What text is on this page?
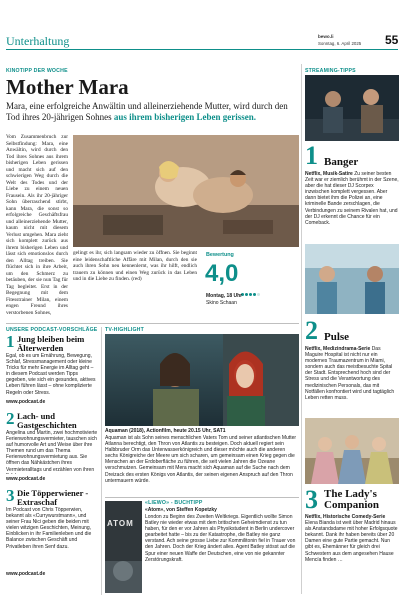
Unterhaltung	bewo.li
Sonntag, 6. April 2025 55
KINOTIPP DER WOCHE
Mother Mara
Mara, eine erfolgreiche Anwältin und alleinerziehende Mutter, wird durch den Tod ihres 20-jährigen Sohnes aus ihrem bisherigen Leben gerissen.
Vom Zusammenbruch zur Selbstfindung: Mara, eine Anwältin, wird durch den Tod ihres Sohnes aus ihrem bisherigen Leben gerissen und macht sich auf den schwierigen Weg durch die Welt des Todes und der Liebe zu einem neuen Frausein. Als ihr 20-jähriger Sohn überraschend stirbt, kann Mara, die sonst so erfolgreiche Geschäftsfrau und alleinerziehende Mutter, kaum nicht mit diesem Verlust umgehen. Mara zieht sich komplett zurück aus ihrem bisherigen Leben und lässt sich emotionslos durch den Alltag treiben. Sie flüchtet sich in ihre Arbeit, um den Schmerz zu betäuben, der sie nun Tag für Tag begleitet. Erst in der Begegnung mit dem Fitesstrainer Milan, einem engen Freund ihres verstorbenen Sohnes,
gelingt es ihr, sich langsam wieder zu öffnen. Sie beginnt eine leidenschaftliche Affäre mit Milan, durch den sie auch ihren Sohn neu kennenlernt, was ihr hilft, endlich trauern zu können und einen Weg zurück in das Leben und in die Liebe zu finden. (red)
Bewertung
4,0
Montag, 18 Uhr
Skino Schaan
UNSERE PODCAST-VORSCHLÄGE
1 Jung bleiben beim Älterwerden
Egal, ob es um Ernährung, Bewegung, Schlaf, Stressmanagement oder kleine Tricks für mehr Energie im Alltag geht – in diesem Podcast werden Tipps gegeben, wie sich ein gesundes, aktives Leben führen lässt – ohne komplizierte Regeln oder Stress.
www.podcast.de
2 Lach- und Gastgeschichten
Angelina und Martin, zwei hochmotivierte Ferienwohnungsvermieter, tauschen sich auf humorvolle Art und Weise über ihre Themen rund um das Thema Ferienwohnungsvermietung aus. Sie öffnen das Nähkästchen ihres Vermieteralltags und erzählen von ihren
www.podcast.de
3 Die Töpperwiener - Extraschaf
Im Podcast von Chris Töpperwien, bekannt als «Currywurstmann», und seiner Frau Nici geben die beiden mit vielen witzigen Geschichten, Meinung, Einblicken in ihr Familienleben und die Balance zwischen Geschäft und Privatleben ihren Senf dazu.
www.podcast.de
TV-HIGHLIGHT
Aquaman (2018), Actionfilm, heute 20.15 Uhr, SAT1
Aquaman ist als Sohn seines menschlichen Vaters Tom und seiner atlantischen Mutter Atlanna berechtigt, den Thron von Atlantis zu besteigen. Doch aktuell regiert sein Halbbruder Orm das Unterwasserkönigreich und dieser möchte auch die anderen sechs Königreiche der Meere um sich scharen, um gemeinsam einen Krieg gegen die Menschen an der Erdoberfläche zu führen, die seit vielen Jahren die Ozeane verschmutzen. Gemeinsam mit Mera macht sich Aquaman auf die Suche nach dem Dreizack des ersten Königs von Atlantis, der seinen eigenen Anspruch auf den Thron untermauern würde.
«LIEWO» - BUCHTIPP
ATOM
«Atom», von Steffen Kopetzky
London zu Beginn des Zweiten Weltkriegs. Eigentlich wollte Simon Batley nie wieder etwas mit dem britischen Geheimdienst zu tun haben, für den er vor Jahren als Physikstudent in Berlin undercover gearbeitet hatte – bis zu der Katastrophe, die Batley nie ganz verstand. Ach seine grosse Liebe zur Kommilitonin fiel in Trauer von den Jahren. Doch der Krieg ändert alles. Agent Batley stösst auf die Spur einer neuen Waffe der Deutschen, eine von nie gekannter Zerstörungskraft.
STREAMING-TIPPS
1 Banger
Netflix, Musik-Satire Zu seiner besten Zeit war er ziemlich berühmt in der Szene, aber die hat dieser DJ Scorpex inzwischen komplett vergessen. Aber dann bietet ihm die Polizei an, eine kriminelle Bande zerschlagen, die Verbindungen zu seinem Rivalen hat, und der DJ erkennt die Chance für ein Comeback.
2 Pulse
Netflix, Medizindrama-Serie Das Maguire Hospital ist nicht nur ein modernes Traumazentrum in Miami, sondern auch das meistbesuchte Spital der Stadt. Entsprechend hoch sind der Stress und die Verantwortung des medizinischen Personals, das mit Notfällen konfrontiert wird und tagtäglich Leben retten muss.
3 The Lady's Companion
Netflix, Historische Comedy-Serie Elena Bianda ist weit über Madrid hinaus als Anstandsdame mit hoher Erfolgsquote bekannt. Dank ihr haben bereits über 20 Damen eine gute Partie gemacht. Nun gibt es, Ehemänner für gleich drei Schwestern aus dem angesehen Hause Mencía finden …
